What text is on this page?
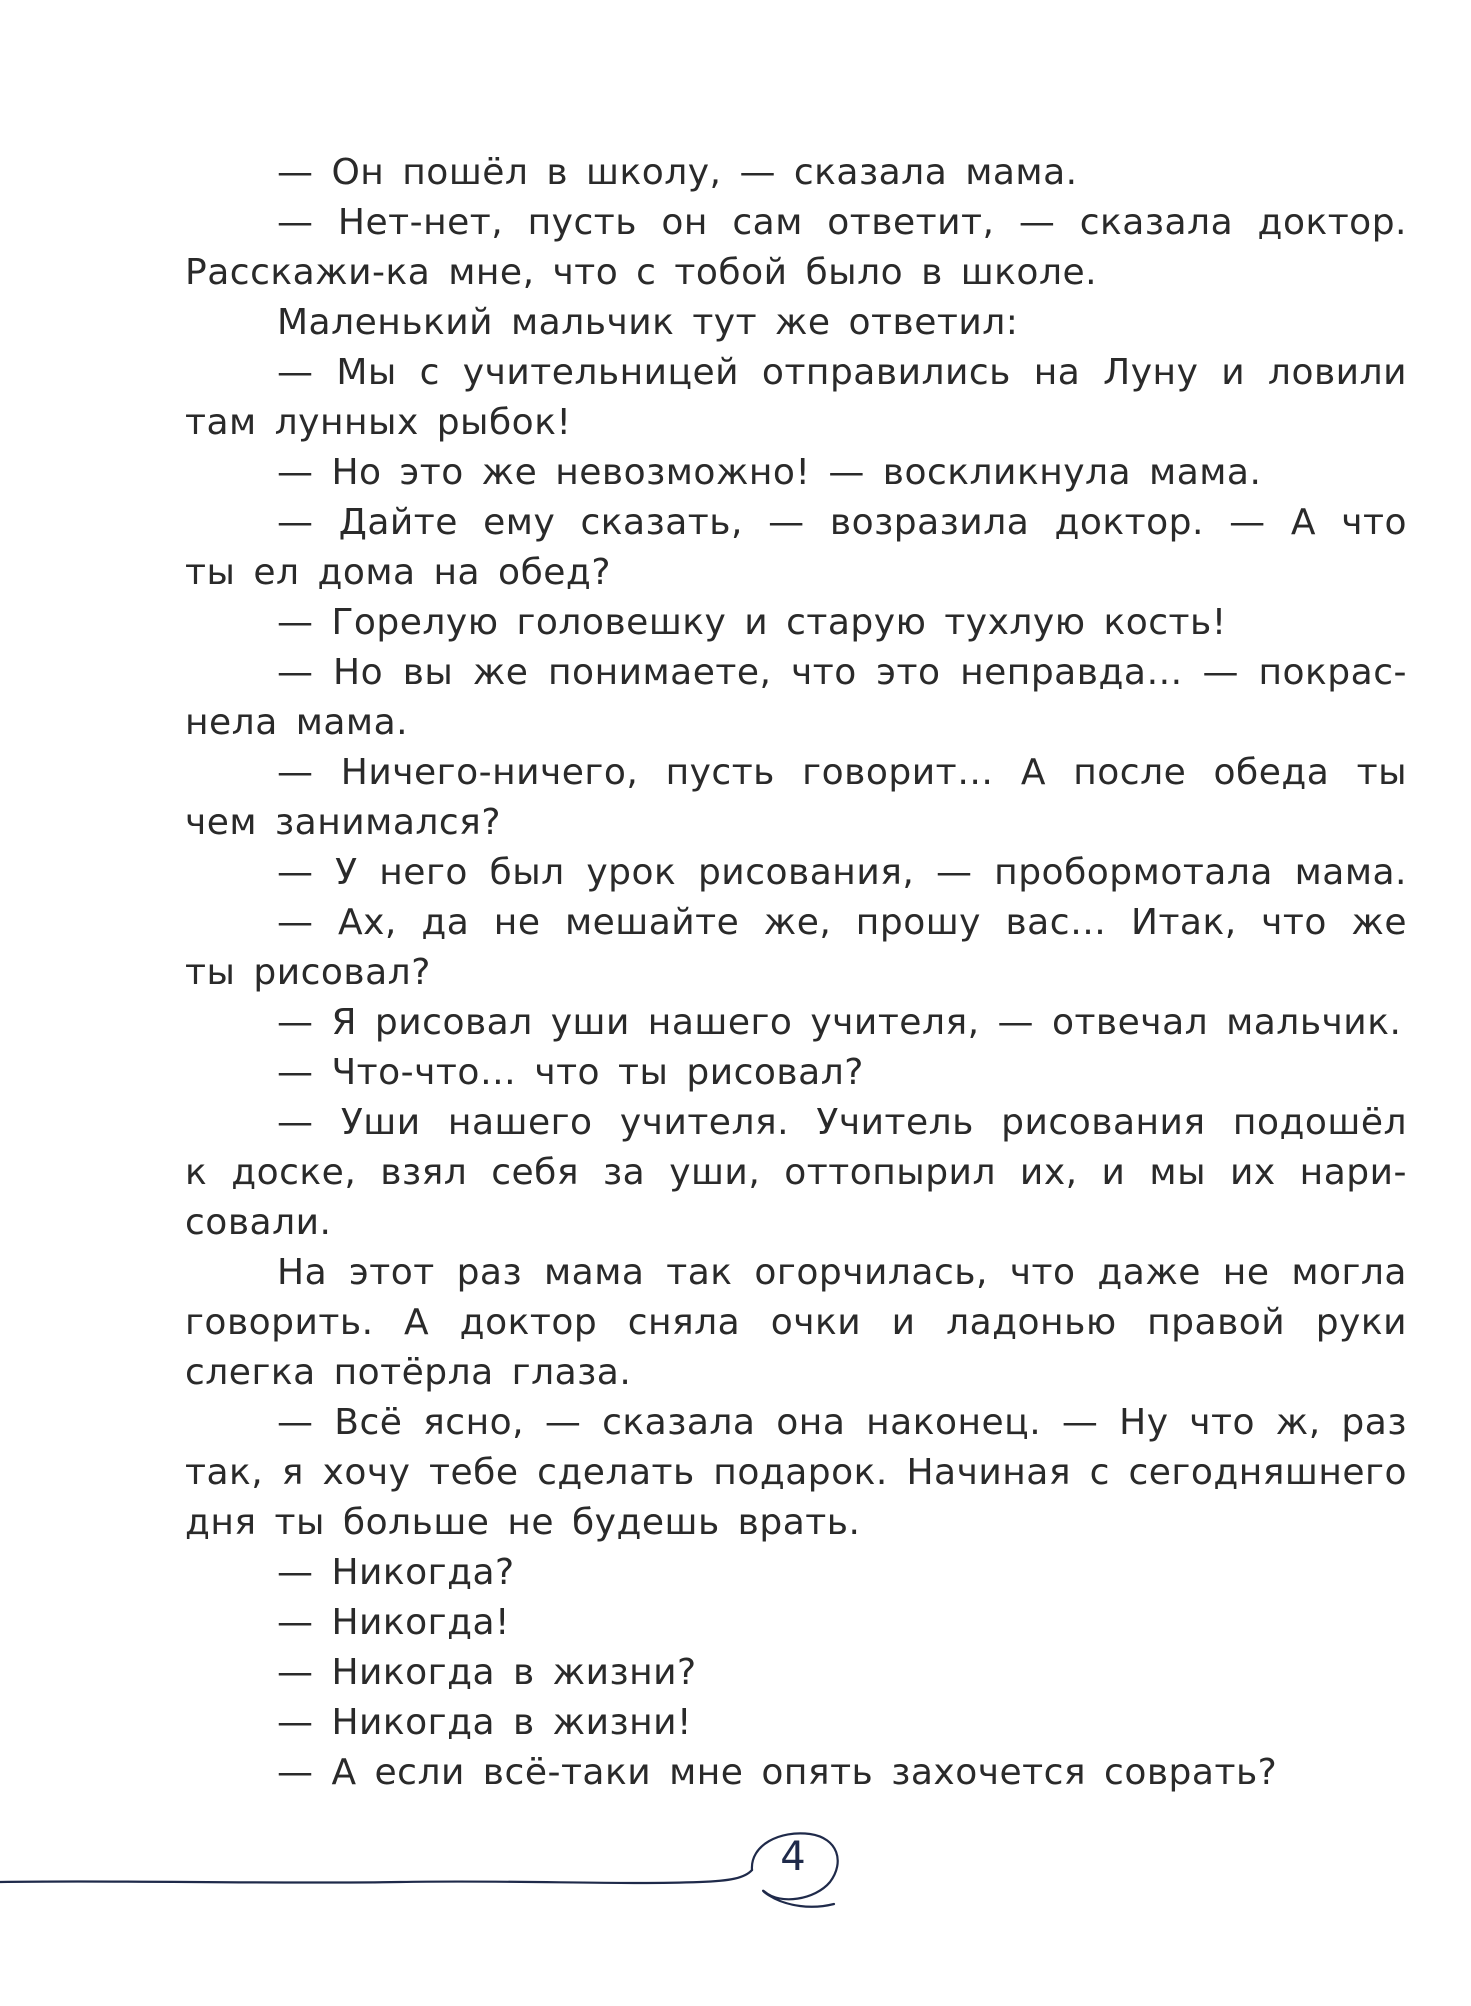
— Он пошёл в школу, — сказала мама.
— Нет-нет, пусть он сам ответит, — сказала доктор.
Расскажи-ка мне, что с тобой было в школе.
Маленький мальчик тут же ответил:
— Мы с учительницей отправились на Луну и ловили
там лунных рыбок!
— Но это же невозможно! — воскликнула мама.
— Дайте ему сказать, — возразила доктор. — А что
ты ел дома на обед?
— Горелую головешку и старую тухлую кость!
— Но вы же понимаете, что это неправда… — покрас-
нела мама.
— Ничего-ничего, пусть говорит… А после обеда ты
чем занимался?
— У него был урок рисования, — пробормотала мама.
— Ах, да не мешайте же, прошу вас… Итак, что же
ты рисовал?
— Я рисовал уши нашего учителя, — отвечал мальчик.
— Что-что… что ты рисовал?
— Уши нашего учителя. Учитель рисования подошёл
к доске, взял себя за уши, оттопырил их, и мы их нари-
совали.
На этот раз мама так огорчилась, что даже не могла
говорить. А доктор сняла очки и ладонью правой руки
слегка потёрла глаза.
— Всё ясно, — сказала она наконец. — Ну что ж, раз
так, я хочу тебе сделать подарок. Начиная с сегодняшнего
дня ты больше не будешь врать.
— Никогда?
— Никогда!
— Никогда в жизни?
— Никогда в жизни!
— А если всё-таки мне опять захочется соврать?
4
